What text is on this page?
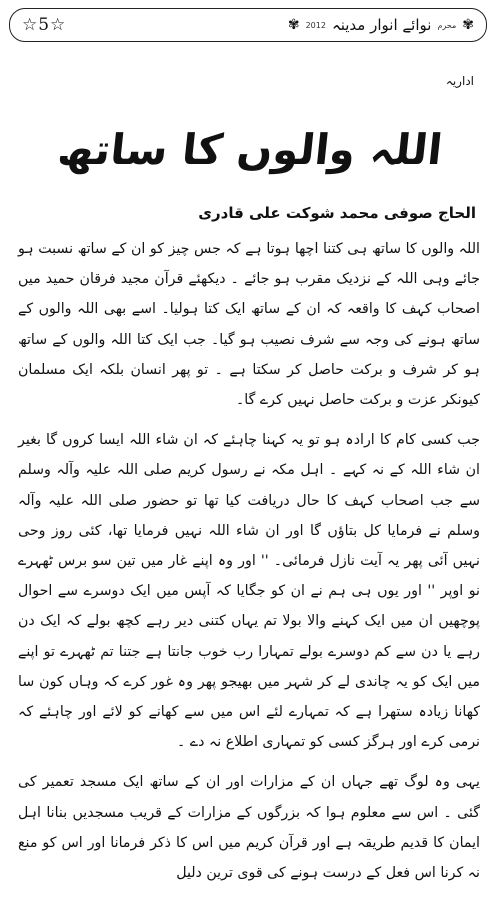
☆5☆	✾
محرم
نوائے انوار مدینہ
2012
✾
اداریہ
اللہ والوں کا ساتھ
الحاج صوفی محمد شوکت علی قادری

اللہ والوں کا ساتھ ہی کتنا اچھا ہوتا ہے کہ جس چیز کو ان کے ساتھ نسبت ہو جائے وہی اللہ کے نزدیک مقرب ہو جائے ۔ دیکھئے قرآن مجید فرقان حمید میں اصحاب کہف کا واقعہ کہ ان کے ساتھ ایک کتا ہولیا۔ اسے بھی اللہ والوں کے ساتھ ہونے کی وجہ سے شرف نصیب ہو گیا۔ جب ایک کتا اللہ والوں کے ساتھ ہو کر شرف و برکت حاصل کر سکتا ہے ۔ تو پھر انسان بلکہ ایک مسلمان کیونکر عزت و برکت حاصل نہیں کرے گا۔

جب کسی کام کا ارادہ ہو تو یہ کہنا چاہئے کہ ان شاء اللہ ایسا کروں گا بغیر ان شاء اللہ کے نہ کہے ۔ اہل مکہ نے رسول کریم صلی اللہ علیہ وآلہ وسلم سے جب اصحاب کہف کا حال دریافت کیا تھا تو حضور صلی اللہ علیہ وآلہ وسلم نے فرمایا کل بتاؤں گا اور ان شاء اللہ نہیں فرمایا تھا، کئی روز وحی نہیں آئی پھر یہ آیت نازل فرمائی۔ '' اور وہ اپنے غار میں تین سو برس ٹھہرے نو اوپر '' اور یوں ہی ہم نے ان کو جگایا کہ آپس میں ایک دوسرے سے احوال پوچھیں ان میں ایک کہنے والا بولا تم یہاں کتنی دیر رہے کچھ بولے کہ ایک دن رہے یا دن سے کم دوسرے بولے تمہارا رب خوب جانتا ہے جتنا تم ٹھہرے تو اپنے میں ایک کو یہ چاندی لے کر شہر میں بھیجو پھر وہ غور کرے کہ وہاں کون سا کھانا زیادہ ستھرا ہے کہ تمہارے لئے اس میں سے کھانے کو لائے اور چاہئے کہ نرمی کرے اور ہرگز کسی کو تمہاری اطلاع نہ دے ۔

یہی وہ لوگ تھے جہاں ان کے مزارات اور ان کے ساتھ ایک مسجد تعمیر کی گئی ۔ اس سے معلوم ہوا کہ بزرگوں کے مزارات کے قریب مسجدیں بنانا اہل ایمان کا قدیم طریقہ ہے اور قرآن کریم میں اس کا ذکر فرمانا اور اس کو منع نہ کرنا اس فعل کے درست ہونے کی قوی ترین دلیل
